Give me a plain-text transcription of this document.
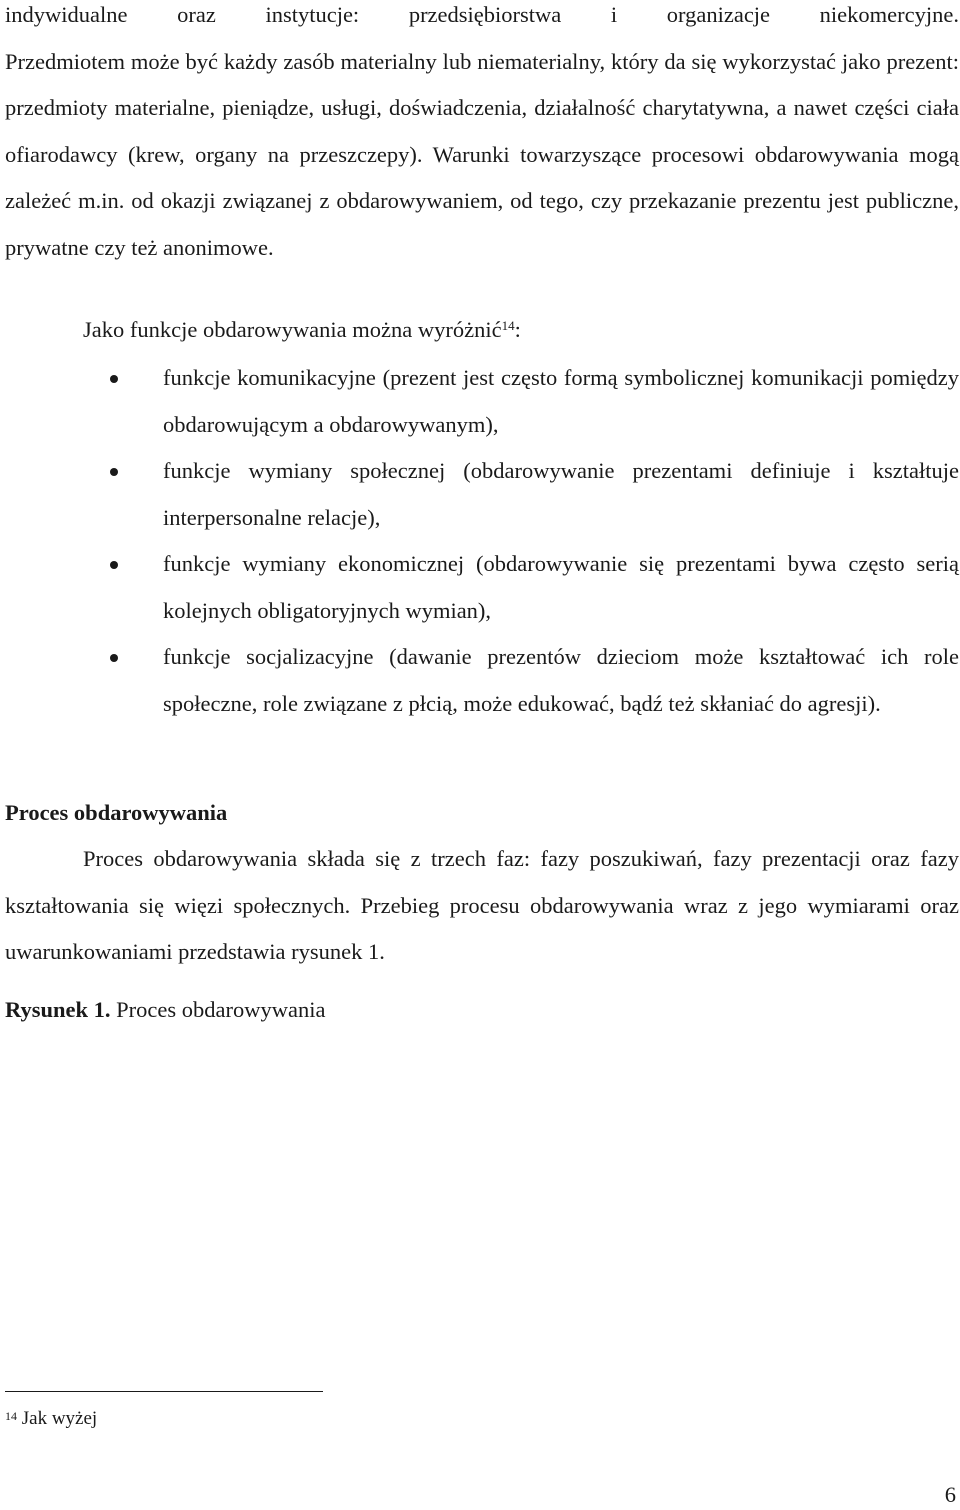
indywidualne oraz instytucje: przedsiębiorstwa i organizacje niekomercyjne.
Przedmiotem może być każdy zasób materialny lub niematerialny, który da się wykorzystać jako prezent: przedmioty materialne, pieniądze, usługi, doświadczenia, działalność charytatywna, a nawet części ciała ofiarodawcy (krew, organy na przeszczepy). Warunki towarzyszące procesowi obdarowywania mogą zależeć m.in. od okazji związanej z obdarowywaniem, od tego, czy przekazanie prezentu jest publiczne, prywatne czy też anonimowe.
Jako funkcje obdarowywania można wyróżnić$^{14}$:
funkcje komunikacyjne (prezent jest często formą symbolicznej komunikacji pomiędzy obdarowującym a obdarowywanym),
funkcje wymiany społecznej (obdarowywanie prezentami definiuje i kształtuje interpersonalne relacje),
funkcje wymiany ekonomicznej (obdarowywanie się prezentami bywa często serią kolejnych obligatoryjnych wymian),
funkcje socjalizacyjne (dawanie prezentów dzieciom może kształtować ich role społeczne, role związane z płcią, może edukować, bądź też skłaniać do agresji).
Proces obdarowywania
Proces obdarowywania składa się z trzech faz: fazy poszukiwań, fazy prezentacji oraz fazy kształtowania się więzi społecznych. Przebieg procesu obdarowywania wraz z jego wymiarami oraz uwarunkowaniami przedstawia rysunek 1.
Rysunek 1. Proces obdarowywania
$^{14}$ Jak wyżej
6
